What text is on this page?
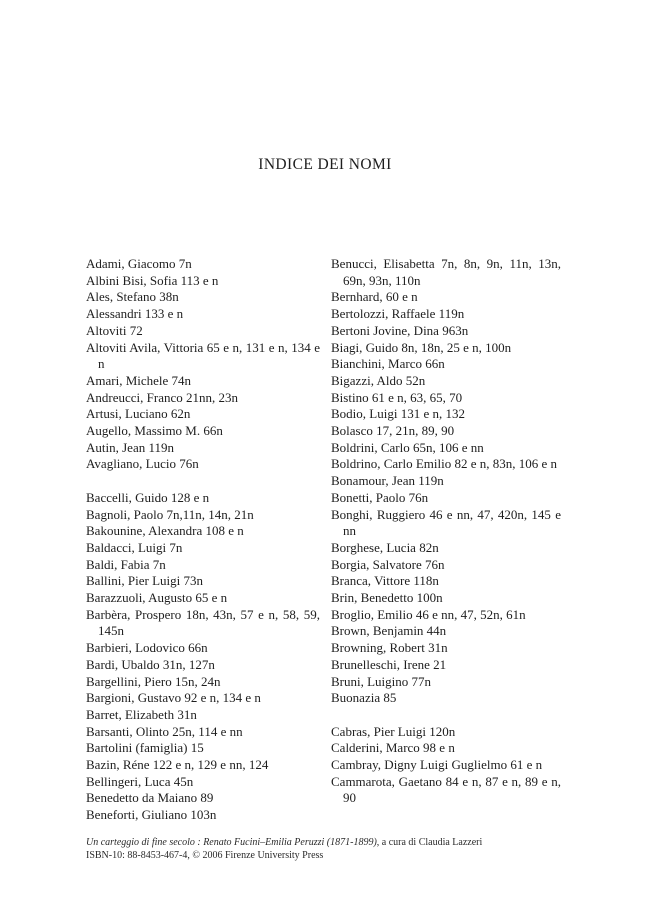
INDICE DEI NOMI
Adami, Giacomo 7n
Albini Bisi, Sofia 113 e n
Ales, Stefano 38n
Alessandri 133 e n
Altoviti 72
Altoviti Avila, Vittoria 65 e n, 131 e n, 134 e n
Amari, Michele 74n
Andreucci, Franco 21nn, 23n
Artusi, Luciano 62n
Augello, Massimo M. 66n
Autin, Jean 119n
Avagliano, Lucio 76n
Baccelli, Guido 128 e n
Bagnoli, Paolo 7n,11n, 14n, 21n
Bakounine, Alexandra 108 e n
Baldacci, Luigi 7n
Baldi, Fabia 7n
Ballini, Pier Luigi 73n
Barazzuoli, Augusto 65 e n
Barbèra, Prospero 18n, 43n, 57 e n, 58, 59, 145n
Barbieri, Lodovico 66n
Bardi, Ubaldo 31n, 127n
Bargellini, Piero 15n, 24n
Bargioni, Gustavo 92 e n, 134 e n
Barret, Elizabeth 31n
Barsanti, Olinto 25n, 114 e nn
Bartolini (famiglia) 15
Bazin, Réne 122 e n, 129 e nn, 124
Bellingeri, Luca 45n
Benedetto da Maiano 89
Beneforti, Giuliano 103n
Benucci, Elisabetta 7n, 8n, 9n, 11n, 13n, 69n, 93n, 110n
Bernhard, 60 e n
Bertolozzi, Raffaele 119n
Bertoni Jovine, Dina 963n
Biagi, Guido 8n, 18n, 25 e n, 100n
Bianchini, Marco 66n
Bigazzi, Aldo 52n
Bistino 61 e n, 63, 65, 70
Bodio, Luigi 131 e n, 132
Bolasco 17, 21n, 89, 90
Boldrini, Carlo 65n, 106 e nn
Boldrino, Carlo Emilio 82 e n, 83n, 106 e n
Bonamour, Jean 119n
Bonetti, Paolo 76n
Bonghi, Ruggiero 46 e nn, 47, 420n, 145 e nn
Borghese, Lucia 82n
Borgia, Salvatore 76n
Branca, Vittore 118n
Brin, Benedetto 100n
Broglio, Emilio 46 e nn, 47, 52n, 61n
Brown, Benjamin 44n
Browning, Robert 31n
Brunelleschi, Irene 21
Bruni, Luigino 77n
Buonazia 85
Cabras, Pier Luigi 120n
Calderini, Marco 98 e n
Cambray, Digny Luigi Guglielmo 61 e n
Cammarota, Gaetano 84 e n, 87 e n, 89 e n, 90
Un carteggio di fine secolo : Renato Fucini–Emilia Peruzzi (1871-1899), a cura di Claudia Lazzeri
ISBN-10: 88-8453-467-4, © 2006 Firenze University Press
